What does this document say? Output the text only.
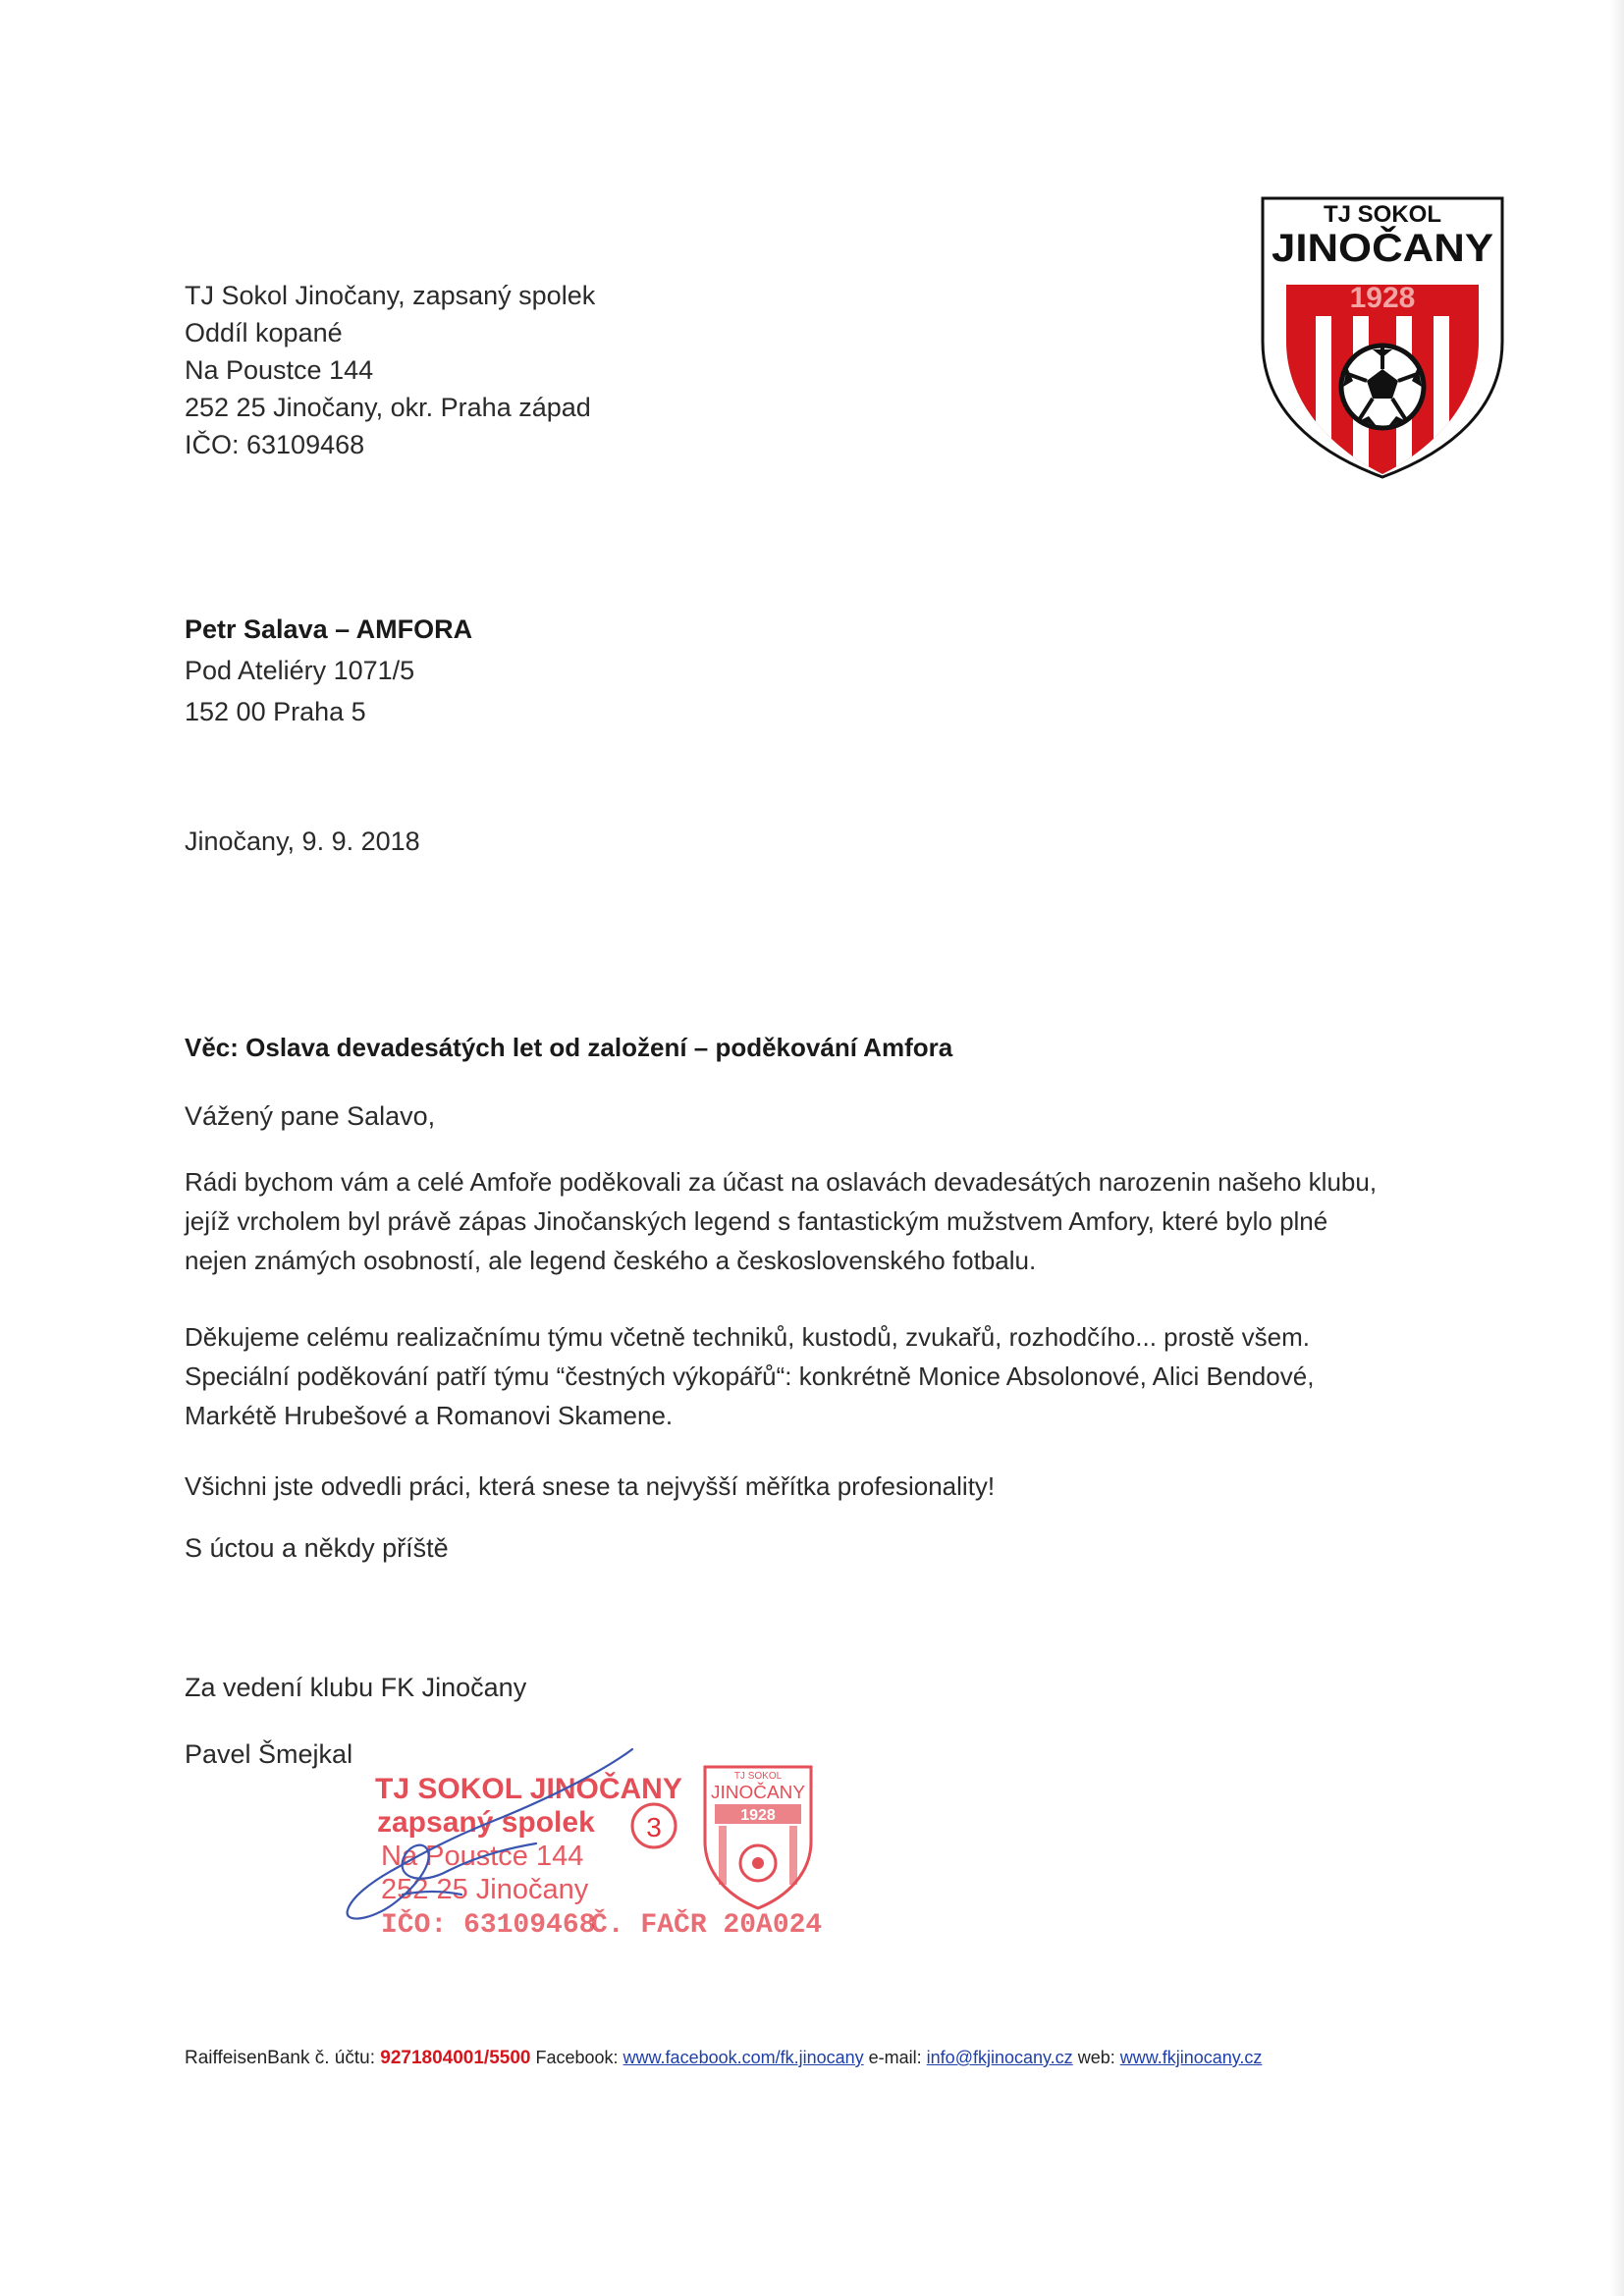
TJ Sokol Jinočany, zapsaný spolek
Oddíl kopané
Na Poustce 144
252 25 Jinočany, okr. Praha západ
IČO: 63109468
TJ SOKOL
JINOČANY
1928
Petr Salava – AMFORA
Pod Ateliéry 1071/5
152 00 Praha 5
Jinočany, 9. 9. 2018
Věc: Oslava devadesátých let od založení – poděkování Amfora
Vážený pane Salavo,
Rádi bychom vám a celé Amfoře poděkovali za účast na oslavách devadesátých narozenin našeho klubu,
jejíž vrcholem byl právě zápas Jinočanských legend s fantastickým mužstvem Amfory, které bylo plné
nejen známých osobností, ale legend českého a československého fotbalu.
Děkujeme celému realizačnímu týmu včetně techniků, kustodů, zvukařů, rozhodčího... prostě všem.
Speciální poděkování patří týmu “čestných výkopářů“: konkrétně Monice Absolonové, Alici Bendové,
Markétě Hrubešové a Romanovi Skamene.
Všichni jste odvedli práci, která snese ta nejvyšší měřítka profesionality!
S úctou a někdy příště
Za vedení klubu FK Jinočany
Pavel Šmejkal
TJ SOKOL JINOČANY
zapsaný spolek
Na Poustce 144
252 25 Jinočany
IČO: 63109468
Č. FAČR 20A024
3
TJ SOKOL
JINOČANY
1928
RaiffeisenBank č. účtu: 9271804001/5500 Facebook: www.facebook.com/fk.jinocany e-mail: info@fkjinocany.cz web: www.fkjinocany.cz
